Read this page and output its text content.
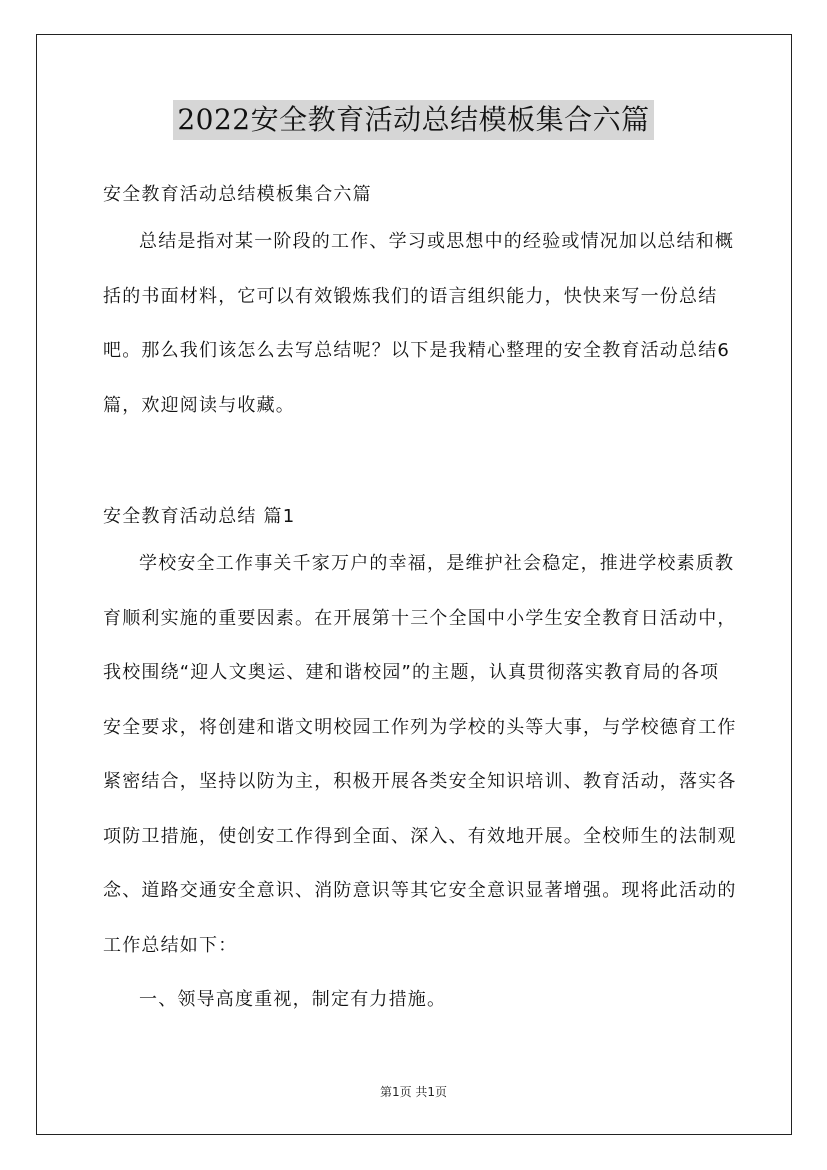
2022安全教育活动总结模板集合六篇

安全教育活动总结模板集合六篇

总结是指对某一阶段的工作、学习或思想中的经验或情况加以总结和概括的书面材料，它可以有效锻炼我们的语言组织能力，快快来写一份总结吧。那么我们该怎么去写总结呢？以下是我精心整理的安全教育活动总结6篇，欢迎阅读与收藏。

安全教育活动总结 篇1

学校安全工作事关千家万户的幸福，是维护社会稳定，推进学校素质教育顺利实施的重要因素。在开展第十三个全国中小学生安全教育日活动中，我校围绕“迎人文奥运、建和谐校园”的主题，认真贯彻落实教育局的各项安全要求，将创建和谐文明校园工作列为学校的头等大事，与学校德育工作紧密结合，坚持以防为主，积极开展各类安全知识培训、教育活动，落实各项防卫措施，使创安工作得到全面、深入、有效地开展。全校师生的法制观念、道路交通安全意识、消防意识等其它安全意识显著增强。现将此活动的工作总结如下：

一、领导高度重视，制定有力措施。

第1页 共1页
